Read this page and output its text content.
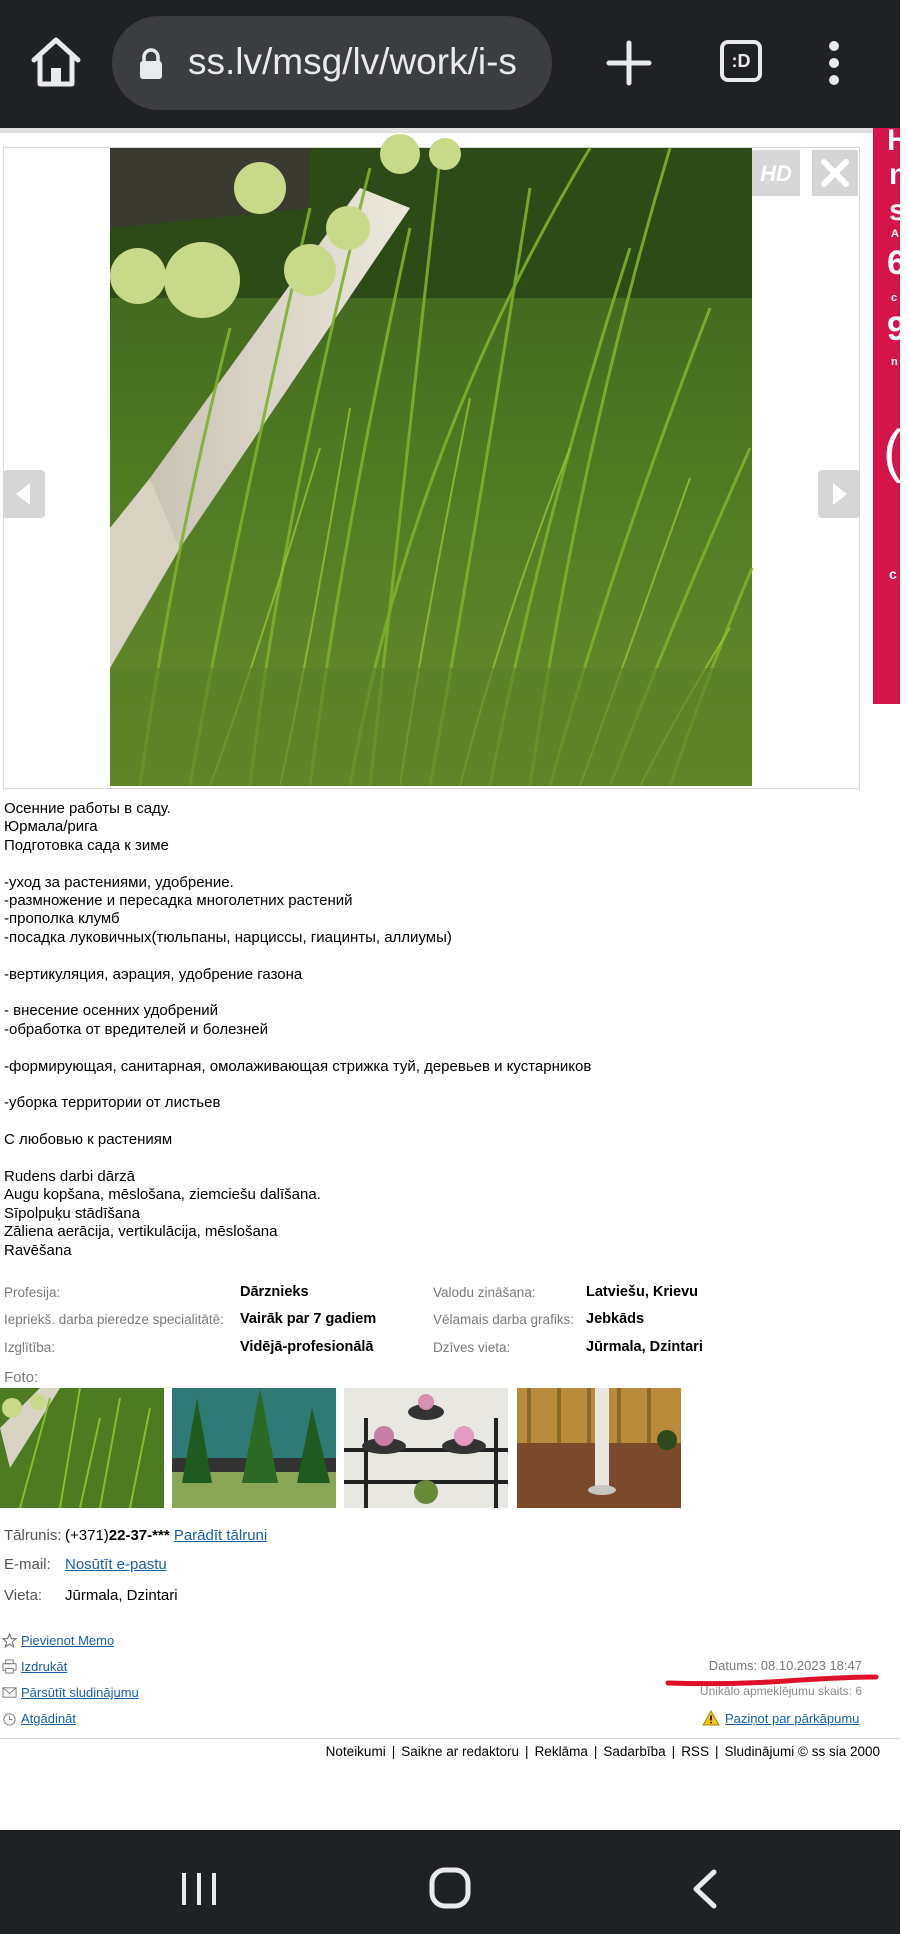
ss.lv/msg/lv/work/i-s	:D
H
n
s
A
6
c
9
n
(
c
HD
Осенние работы в саду.
Юрмала/рига
Подготовка сада к зиме
-уход за растениями, удобрение.
-размножение и пересадка многолетних растений
-прополка клумб
-посадка луковичных(тюльпаны, нарциссы, гиацинты, аллиумы)
-вертикуляция, аэрация, удобрение газона
- внесение осенних удобрений
-обработка от вредителей и болезней
-формирующая, санитарная, омолаживающая стрижка туй, деревьев и кустарников
-уборка территории от листьев
С любовью к растениям
Rudens darbi dārzā
Augu kopšana, mēslošana, ziemciešu dalīšana.
Sīpolpuķu stādīšana
Zāliena aerācija, vertikulācija, mēslošana
Ravēšana
Profesija:	Dārznieks	Valodu zināšana:	Latviešu, Krievu
Iepriekš. darba pieredze specialitātē: Vairāk par 7 gadiem	Vēlamais darba grafiks: Jebkāds
Izglītība:	Vidējā-profesionālā	Dzīves vieta:	Jūrmala, Dzintari
Foto:
Tālrunis: (+371)22-37-*** Parādīt tālruni
E-mail: Nosūtīt e-pastu
Vieta: Jūrmala, Dzintari
Pievienot Memo
Izdrukāt
Pārsūtīt sludinājumu
Atgādināt
Datums: 08.10.2023 18:47
Unikālo apmeklējumu skaits: 6
Paziņot par pārkāpumu
Noteikumi | Saikne ar redaktoru | Reklāma | Sadarbība | RSS | Sludinājumi © ss sia 2000
